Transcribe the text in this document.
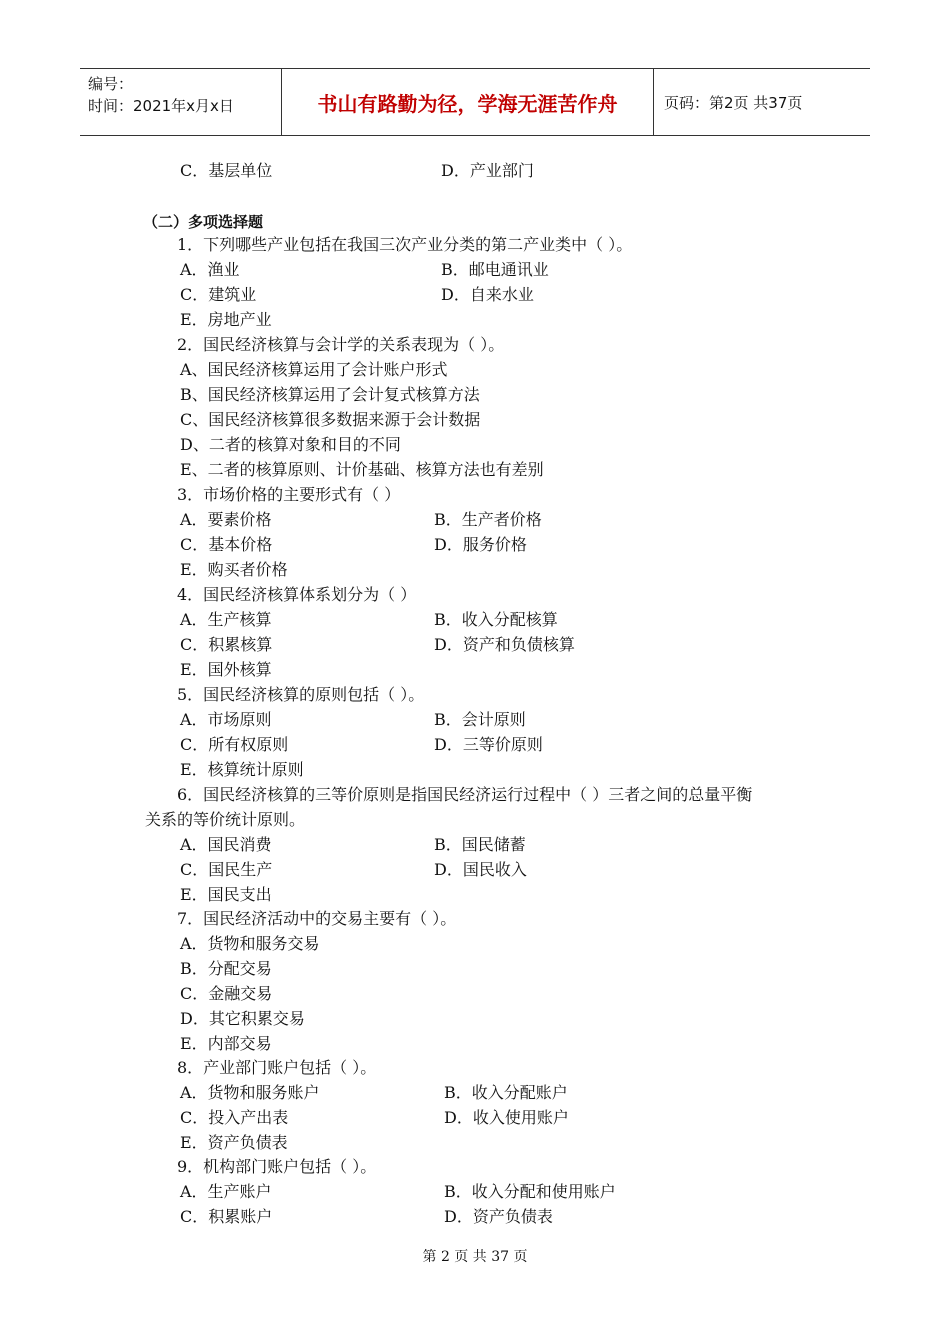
编号：
时间：2021年x月x日	书山有路勤为径，学海无涯苦作舟	页码：第2页 共37页
C．基层单位	D．产业部门
（二）多项选择题
1．下列哪些产业包括在我国三次产业分类的第二产业类中（ ）。
A．渔业	B．邮电通讯业
C．建筑业	D．自来水业
E．房地产业
2．国民经济核算与会计学的关系表现为（ ）。
A、国民经济核算运用了会计账户形式
B、国民经济核算运用了会计复式核算方法
C、国民经济核算很多数据来源于会计数据
D、二者的核算对象和目的不同
E、二者的核算原则、计价基础、核算方法也有差别
3．市场价格的主要形式有（ ）
A．要素价格	B．生产者价格
C．基本价格	D．服务价格
E．购买者价格
4．国民经济核算体系划分为（ ）
A．生产核算	B．收入分配核算
C．积累核算	D．资产和负债核算
E．国外核算
5．国民经济核算的原则包括（ ）。
A．市场原则	B．会计原则
C．所有权原则	D．三等价原则
E．核算统计原则
6．国民经济核算的三等价原则是指国民经济运行过程中（ ）三者之间的总量平衡
关系的等价统计原则。
A．国民消费	B．国民储蓄
C．国民生产	D．国民收入
E．国民支出
7．国民经济活动中的交易主要有（ ）。
A．货物和服务交易
B．分配交易
C．金融交易
D．其它积累交易
E．内部交易
8．产业部门账户包括（ ）。
A．货物和服务账户	B．收入分配账户
C．投入产出表	D．收入使用账户
E．资产负债表
9．机构部门账户包括（ ）。
A．生产账户	B．收入分配和使用账户
C．积累账户	D．资产负债表
第 2 页 共 37 页
